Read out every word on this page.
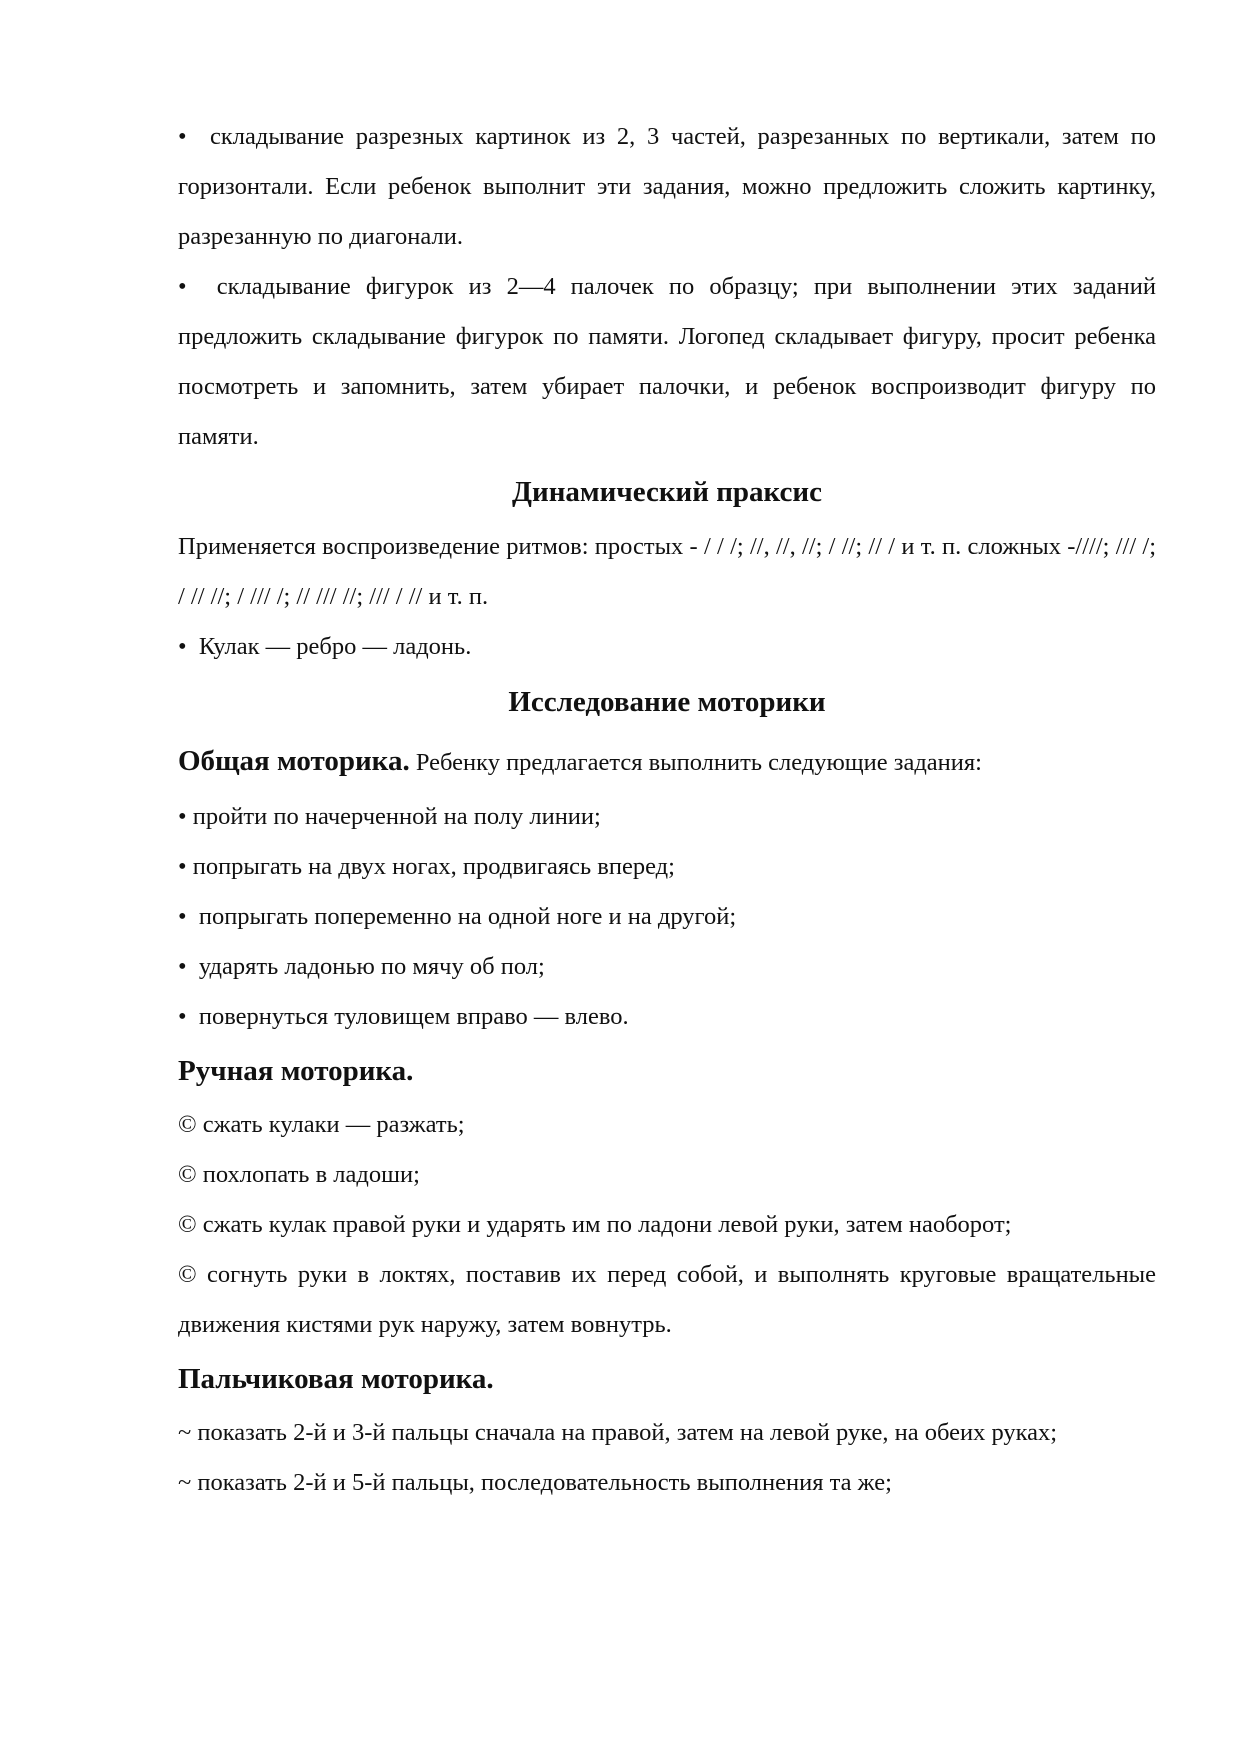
• складывание разрезных картинок из 2, 3 частей, разрезанных по вертикали, затем по горизонтали. Если ребенок выполнит эти задания, можно предложить сложить картинку, разрезанную по диагонали.

• складывание фигурок из 2—4 палочек по образцу; при выполнении этих заданий предложить складывание фигурок по памяти. Логопед складывает фигуру, просит ребенка посмотреть и запомнить, затем убирает палочки, и ребенок воспроизводит фигуру по памяти.

Динамический праксис

Применяется воспроизведение ритмов: простых - / / /; //, //, //; / //; // / и т. п. сложных -////; /// /; / // //; / /// /; // /// //; /// / // и т. п.

• Кулак — ребро — ладонь.

Исследование моторики

Общая моторика. Ребенку предлагается выполнить следующие задания:

• пройти по начерченной на полу линии;

• попрыгать на двух ногах, продвигаясь вперед;

• попрыгать попеременно на одной ноге и на другой;

• ударять ладонью по мячу об пол;

• повернуться туловищем вправо — влево.

Ручная моторика.

© сжать кулаки — разжать;

© похлопать в ладоши;

© сжать кулак правой руки и ударять им по ладони левой руки, затем наоборот;

© согнуть руки в локтях, поставив их перед собой, и выполнять круговые вращательные движения кистями рук наружу, затем вовнутрь.

Пальчиковая моторика.

~ показать 2-й и 3-й пальцы сначала на правой, затем на левой руке, на обеих руках;

~ показать 2-й и 5-й пальцы, последовательность выполнения та же;
